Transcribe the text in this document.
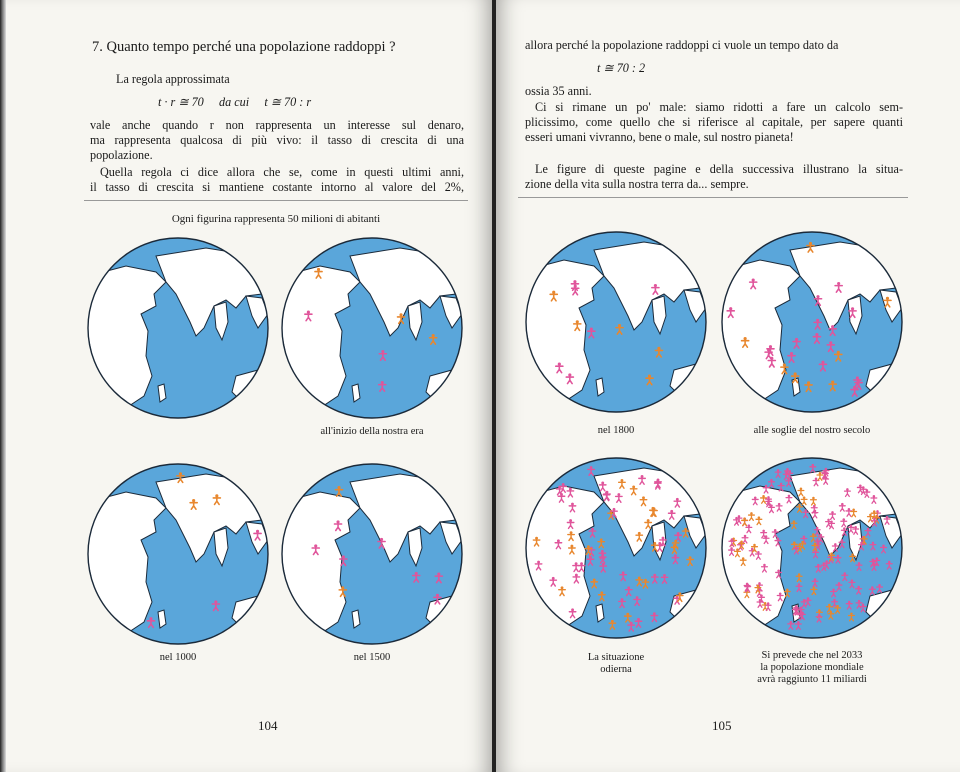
7. Quanto tempo perché una popolazione raddoppi ?
La regola approssimata
t · r ≅ 70     da cui     t ≅ 70 : r
vale anche quando r non rappresenta un interesse sul denaro,
ma rappresenta qualcosa di più vivo: il tasso di crescita di una
popolazione.
Quella regola ci dice allora che se, come in questi ultimi anni,
il tasso di crescita si mantiene costante intorno al valore del 2%,
Ogni figurina rappresenta 50 milioni di abitanti
all'inizio della nostra era
nel 1000	nel 1500
104
allora perché la popolazione raddoppi ci vuole un tempo dato da
t ≅ 70 : 2
ossia 35 anni.
Ci si rimane un po' male: siamo ridotti a fare un calcolo sem-
plicissimo, come quello che si riferisce al capitale, per sapere quanti
esseri umani vivranno, bene o male, sul nostro pianeta!
Le figure di queste pagine e della successiva illustrano la situa-
zione della vita sulla nostra terra da... sempre.
nel 1800	alle soglie del nostro secolo
La situazione
odierna
Si prevede che nel 2033
la popolazione mondiale
avrà raggiunto 11 miliardi
105
